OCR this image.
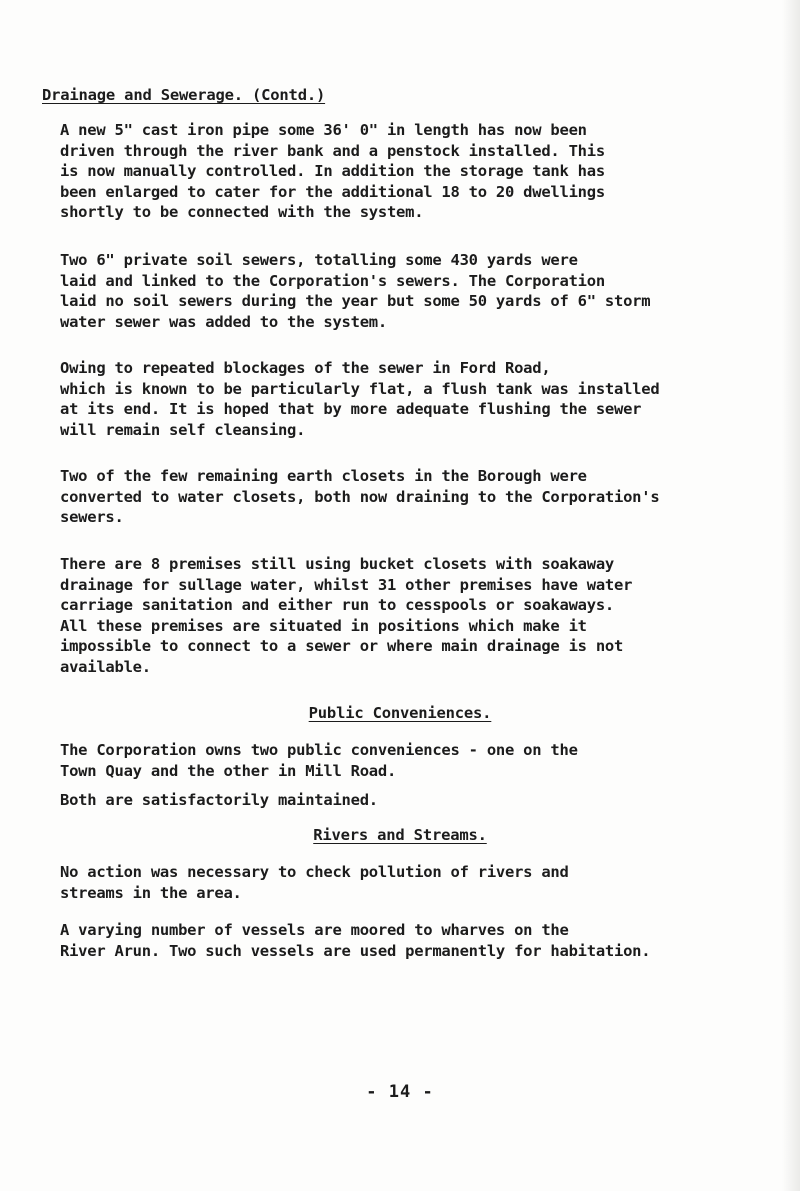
Drainage and Sewerage. (Contd.)

A new 5" cast iron pipe some 36' 0" in length has now been
driven through the river bank and a penstock installed. This
is now manually controlled. In addition the storage tank has
been enlarged to cater for the additional 18 to 20 dwellings
shortly to be connected with the system.

Two 6" private soil sewers, totalling some 430 yards were
laid and linked to the Corporation's sewers. The Corporation
laid no soil sewers during the year but some 50 yards of 6" storm
water sewer was added to the system.

Owing to repeated blockages of the sewer in Ford Road,
which is known to be particularly flat, a flush tank was installed
at its end. It is hoped that by more adequate flushing the sewer
will remain self cleansing.

Two of the few remaining earth closets in the Borough were
converted to water closets, both now draining to the Corporation's
sewers.

There are 8 premises still using bucket closets with soakaway
drainage for sullage water, whilst 31 other premises have water
carriage sanitation and either run to cesspools or soakaways.
All these premises are situated in positions which make it
impossible to connect to a sewer or where main drainage is not
available.

Public Conveniences.

The Corporation owns two public conveniences - one on the
Town Quay and the other in Mill Road.

Both are satisfactorily maintained.

Rivers and Streams.

No action was necessary to check pollution of rivers and
streams in the area.

A varying number of vessels are moored to wharves on the
River Arun. Two such vessels are used permanently for habitation.

- 14 -
